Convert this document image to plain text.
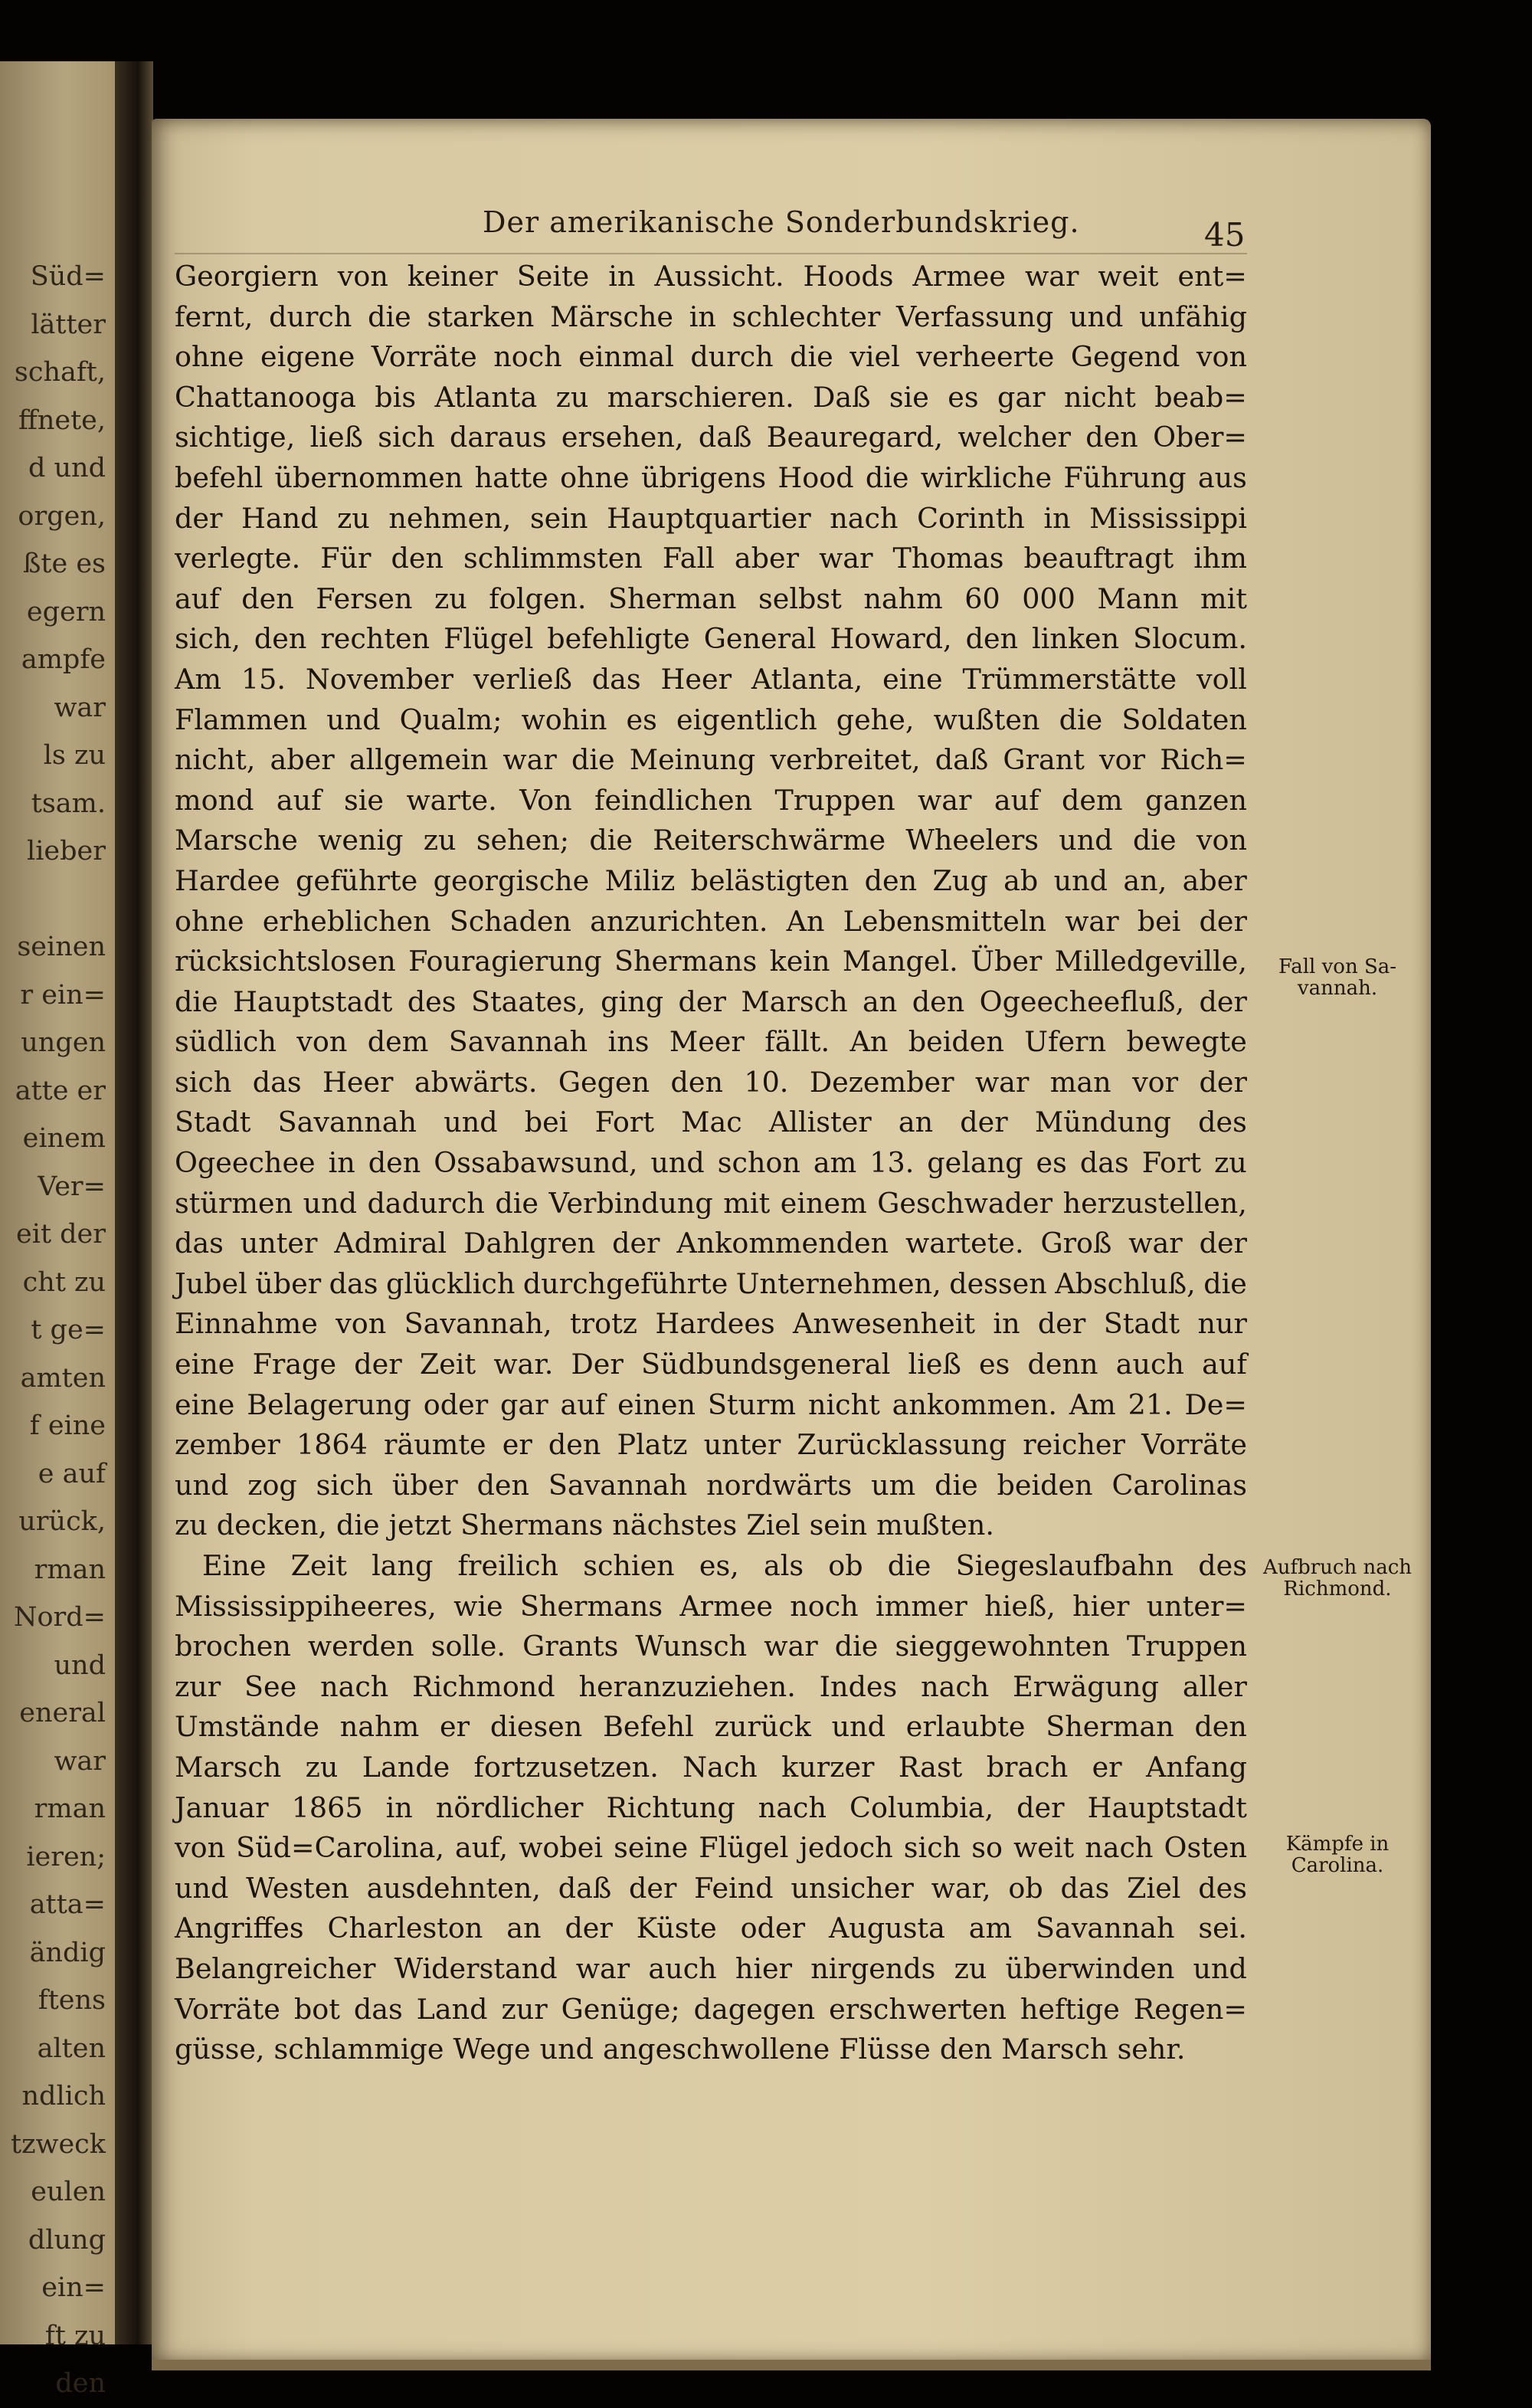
Süd=
lätter
schaft,
ffnete,
d und
orgen,
ßte es
egern
ampfe
war
ls zu
tsam.
lieber
seinen
r ein=
ungen
atte er
einem
Ver=
eit der
cht zu
t ge=
amten
f eine
e auf
urück,
rman
Nord=
und
eneral
war
rman
ieren;
atta=
ändig
ftens
alten
ndlich
tzweck
eulen
dlung
ein=
ft zu
den
Der amerikanische Sonderbundskrieg.	45
Georgiern von keiner Seite in Aussicht. Hoods Armee war weit ent=
fernt, durch die starken Märsche in schlechter Verfassung und unfähig
ohne eigene Vorräte noch einmal durch die viel verheerte Gegend von
Chattanooga bis Atlanta zu marschieren. Daß sie es gar nicht beab=
sichtige, ließ sich daraus ersehen, daß Beauregard, welcher den Ober=
befehl übernommen hatte ohne übrigens Hood die wirkliche Führung aus
der Hand zu nehmen, sein Hauptquartier nach Corinth in Mississippi
verlegte. Für den schlimmsten Fall aber war Thomas beauftragt ihm
auf den Fersen zu folgen. Sherman selbst nahm 60 000 Mann mit
sich, den rechten Flügel befehligte General Howard, den linken Slocum.
Am 15. November verließ das Heer Atlanta, eine Trümmerstätte voll
Flammen und Qualm; wohin es eigentlich gehe, wußten die Soldaten
nicht, aber allgemein war die Meinung verbreitet, daß Grant vor Rich=
mond auf sie warte. Von feindlichen Truppen war auf dem ganzen
Marsche wenig zu sehen; die Reiterschwärme Wheelers und die von
Hardee geführte georgische Miliz belästigten den Zug ab und an, aber
ohne erheblichen Schaden anzurichten. An Lebensmitteln war bei der
rücksichtslosen Fouragierung Shermans kein Mangel. Über Milledgeville,
die Hauptstadt des Staates, ging der Marsch an den Ogeecheefluß, der
südlich von dem Savannah ins Meer fällt. An beiden Ufern bewegte
sich das Heer abwärts. Gegen den 10. Dezember war man vor der
Stadt Savannah und bei Fort Mac Allister an der Mündung des
Ogeechee in den Ossabawsund, und schon am 13. gelang es das Fort zu
stürmen und dadurch die Verbindung mit einem Geschwader herzustellen,
das unter Admiral Dahlgren der Ankommenden wartete. Groß war der
Jubel über das glücklich durchgeführte Unternehmen, dessen Abschluß, die
Einnahme von Savannah, trotz Hardees Anwesenheit in der Stadt nur
eine Frage der Zeit war. Der Südbundsgeneral ließ es denn auch auf
eine Belagerung oder gar auf einen Sturm nicht ankommen. Am 21. De=
zember 1864 räumte er den Platz unter Zurücklassung reicher Vorräte
und zog sich über den Savannah nordwärts um die beiden Carolinas
zu decken, die jetzt Shermans nächstes Ziel sein mußten.
Eine Zeit lang freilich schien es, als ob die Siegeslaufbahn des
Mississippiheeres, wie Shermans Armee noch immer hieß, hier unter=
brochen werden solle. Grants Wunsch war die sieggewohnten Truppen
zur See nach Richmond heranzuziehen. Indes nach Erwägung aller
Umstände nahm er diesen Befehl zurück und erlaubte Sherman den
Marsch zu Lande fortzusetzen. Nach kurzer Rast brach er Anfang
Januar 1865 in nördlicher Richtung nach Columbia, der Hauptstadt
von Süd=Carolina, auf, wobei seine Flügel jedoch sich so weit nach Osten
und Westen ausdehnten, daß der Feind unsicher war, ob das Ziel des
Angriffes Charleston an der Küste oder Augusta am Savannah sei.
Belangreicher Widerstand war auch hier nirgends zu überwinden und
Vorräte bot das Land zur Genüge; dagegen erschwerten heftige Regen=
güsse, schlammige Wege und angeschwollene Flüsse den Marsch sehr.
Fall von Sa-
vannah.
Aufbruch nach
Richmond.
Kämpfe in
Carolina.
